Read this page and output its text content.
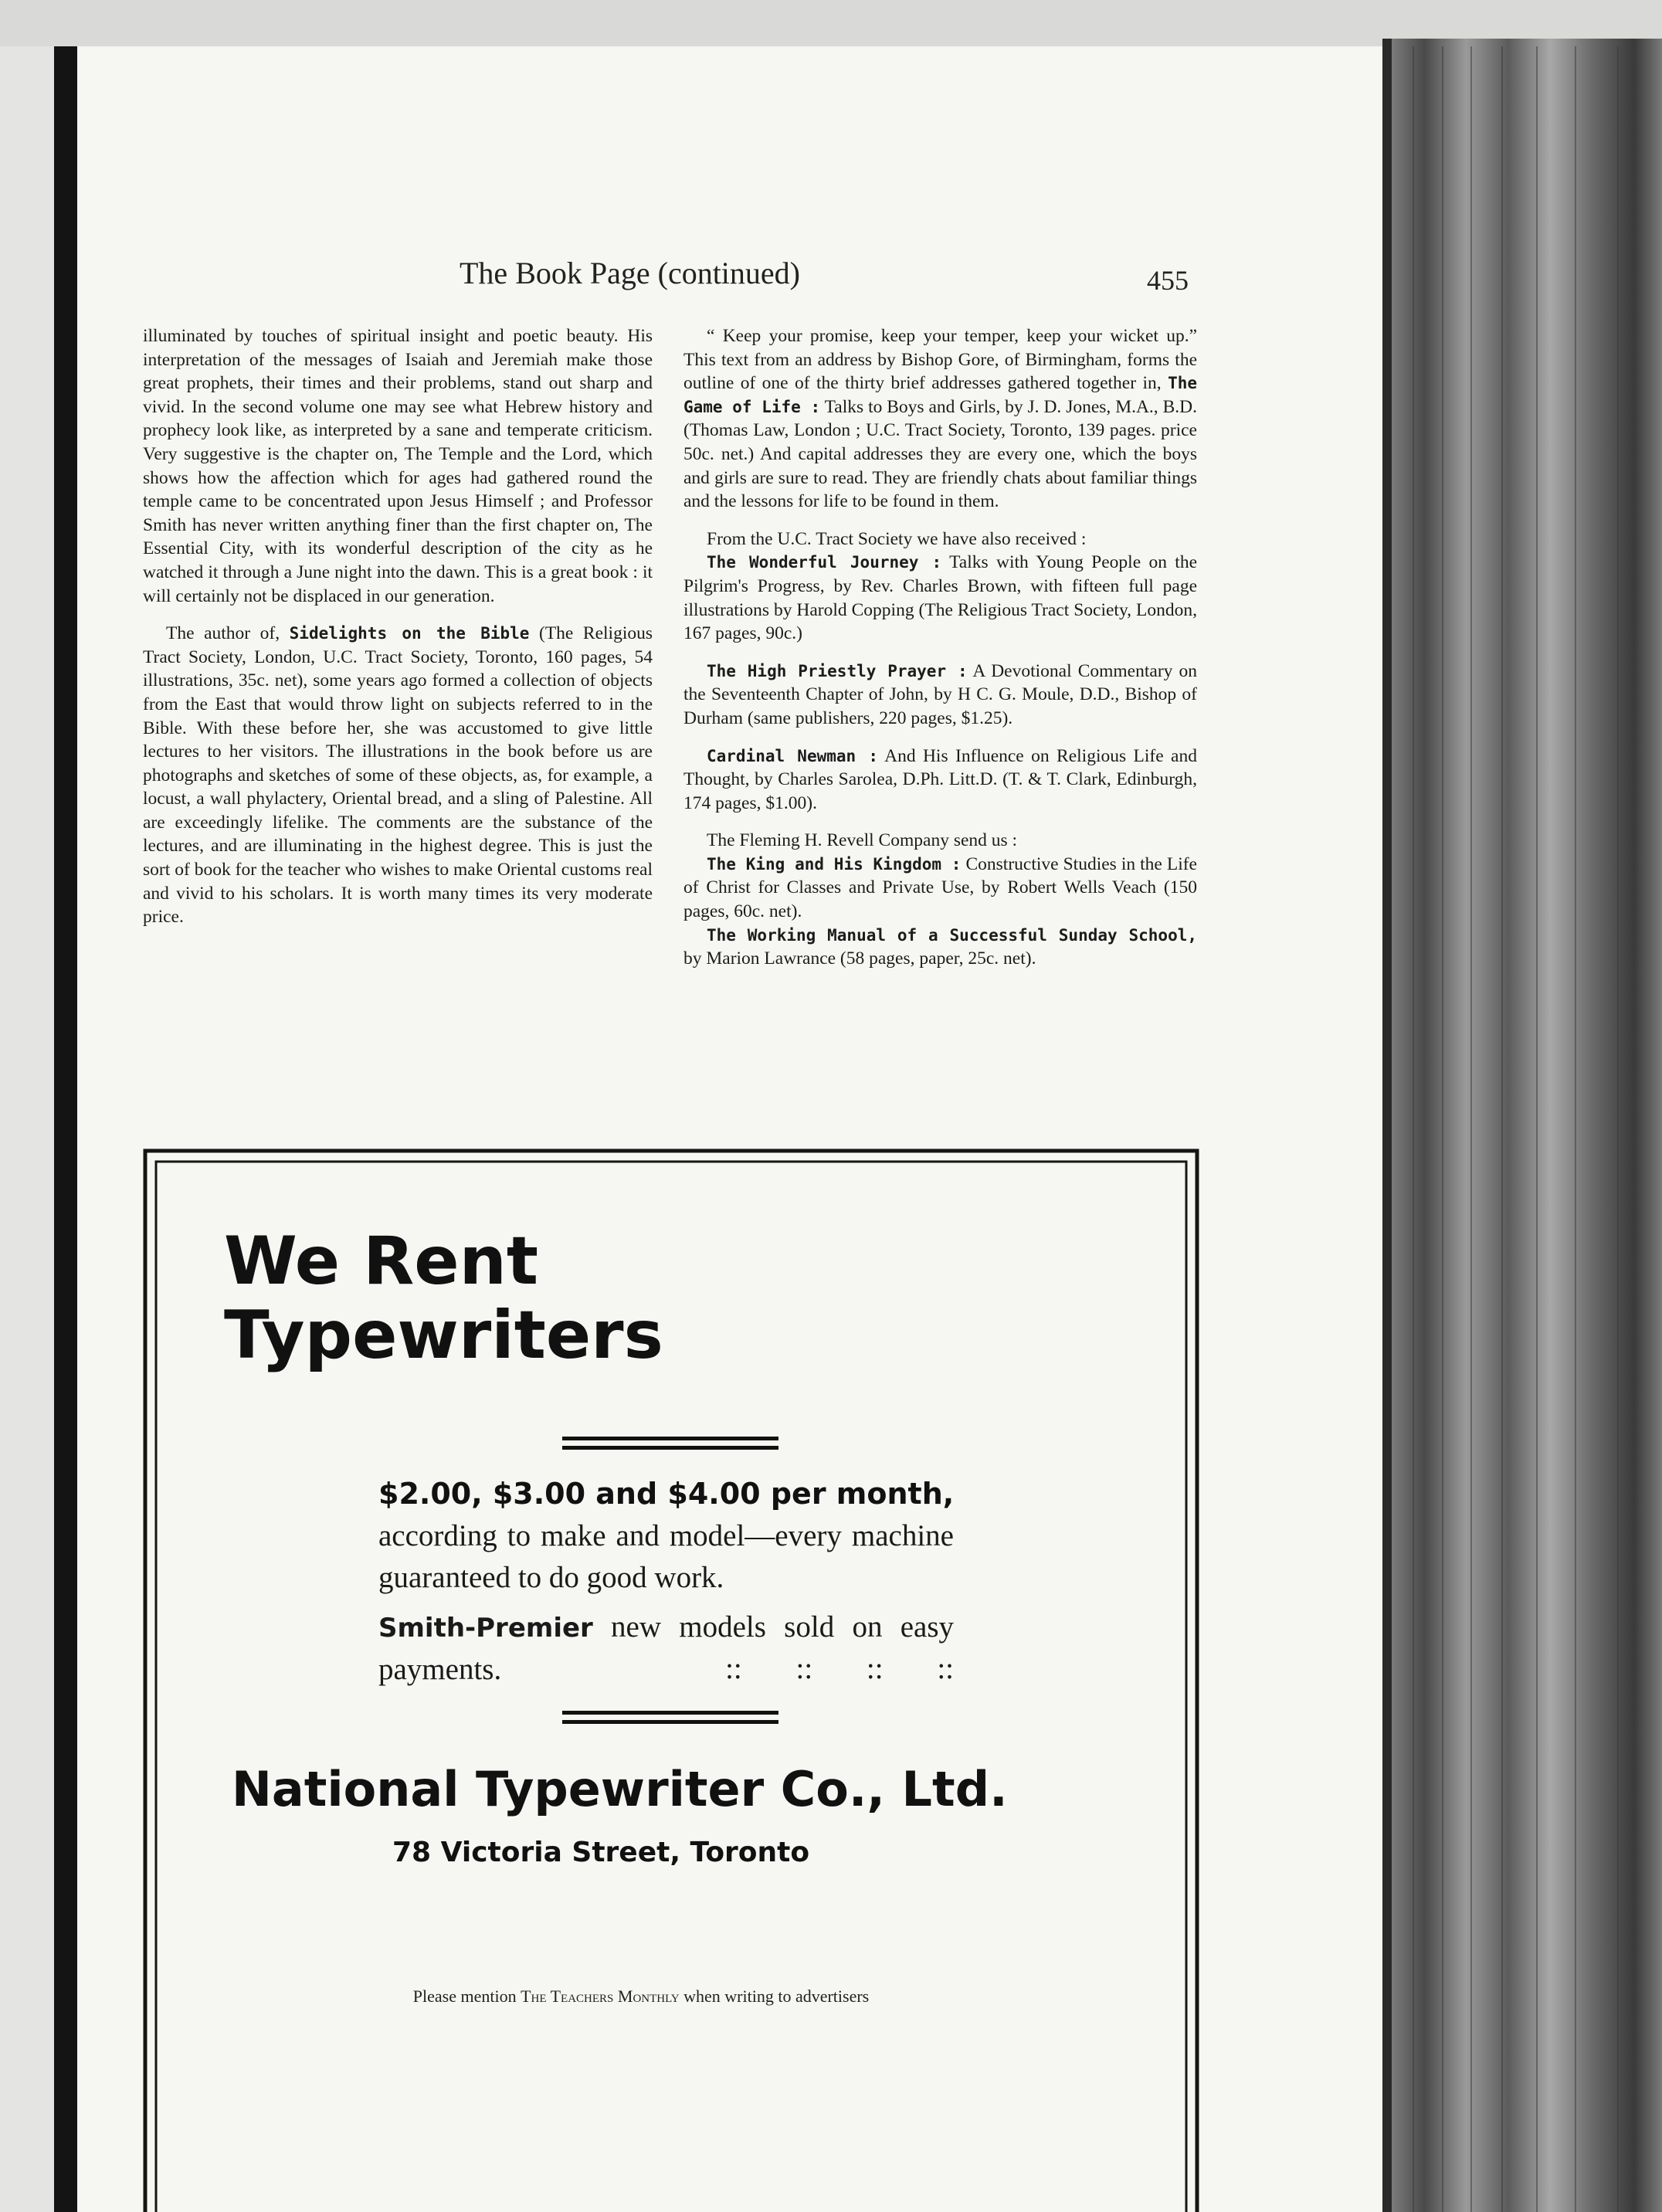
The Book Page (continued)	455

illuminated by touches of spiritual insight and poetic beauty. His interpretation of the messages of Isaiah and Jeremiah make those great prophets, their times and their problems, stand out sharp and vivid. In the second volume one may see what Hebrew history and prophecy look like, as interpreted by a sane and temperate criticism. Very suggestive is the chapter on, The Temple and the Lord, which shows how the affection which for ages had gathered round the temple came to be concentrated upon Jesus Himself ; and Professor Smith has never written anything finer than the first chapter on, The Essential City, with its wonderful description of the city as he watched it through a June night into the dawn. This is a great book : it will certainly not be displaced in our generation.

The author of, Sidelights on the Bible (The Religious Tract Society, London, U.C. Tract Society, Toronto, 160 pages, 54 illustrations, 35c. net), some years ago formed a collection of objects from the East that would throw light on subjects referred to in the Bible. With these before her, she was accustomed to give little lectures to her visitors. The illustrations in the book before us are photographs and sketches of some of these objects, as, for example, a locust, a wall phylactery, Oriental bread, and a sling of Palestine. All are exceedingly lifelike. The comments are the substance of the lectures, and are illuminating in the highest degree. This is just the sort of book for the teacher who wishes to make Oriental customs real and vivid to his scholars. It is worth many times its very moderate price.

“ Keep your promise, keep your temper, keep your wicket up.” This text from an address by Bishop Gore, of Birmingham, forms the outline of one of the thirty brief addresses gathered together in, The Game of Life : Talks to Boys and Girls, by J. D. Jones, M.A., B.D. (Thomas Law, London ; U.C. Tract Society, Toronto, 139 pages. price 50c. net.) And capital addresses they are every one, which the boys and girls are sure to read. They are friendly chats about familiar things and the lessons for life to be found in them.

From the U.C. Tract Society we have also received :

The Wonderful Journey : Talks with Young People on the Pilgrim's Progress, by Rev. Charles Brown, with fifteen full page illustrations by Harold Copping (The Religious Tract Society, London, 167 pages, 90c.)

The High Priestly Prayer : A Devotional Commentary on the Seventeenth Chapter of John, by H C. G. Moule, D.D., Bishop of Durham (same publishers, 220 pages, $1.25).

Cardinal Newman : And His Influence on Religious Life and Thought, by Charles Sarolea, D.Ph. Litt.D. (T. & T. Clark, Edinburgh, 174 pages, $1.00).

The Fleming H. Revell Company send us :

The King and His Kingdom : Constructive Studies in the Life of Christ for Classes and Private Use, by Robert Wells Veach (150 pages, 60c. net).

The Working Manual of a Successful Sunday School, by Marion Lawrance (58 pages, paper, 25c. net).

We Rent
Typewriters
$2.00, $3.00 and $4.00 per month,
according to make and model—every machine guaranteed to do good work.
Smith-Premier new models sold on easy payments.	:: :: :: ::
National Typewriter Co., Ltd.
78 Victoria Street, Toronto
Please mention The Teachers Monthly when writing to advertisers
